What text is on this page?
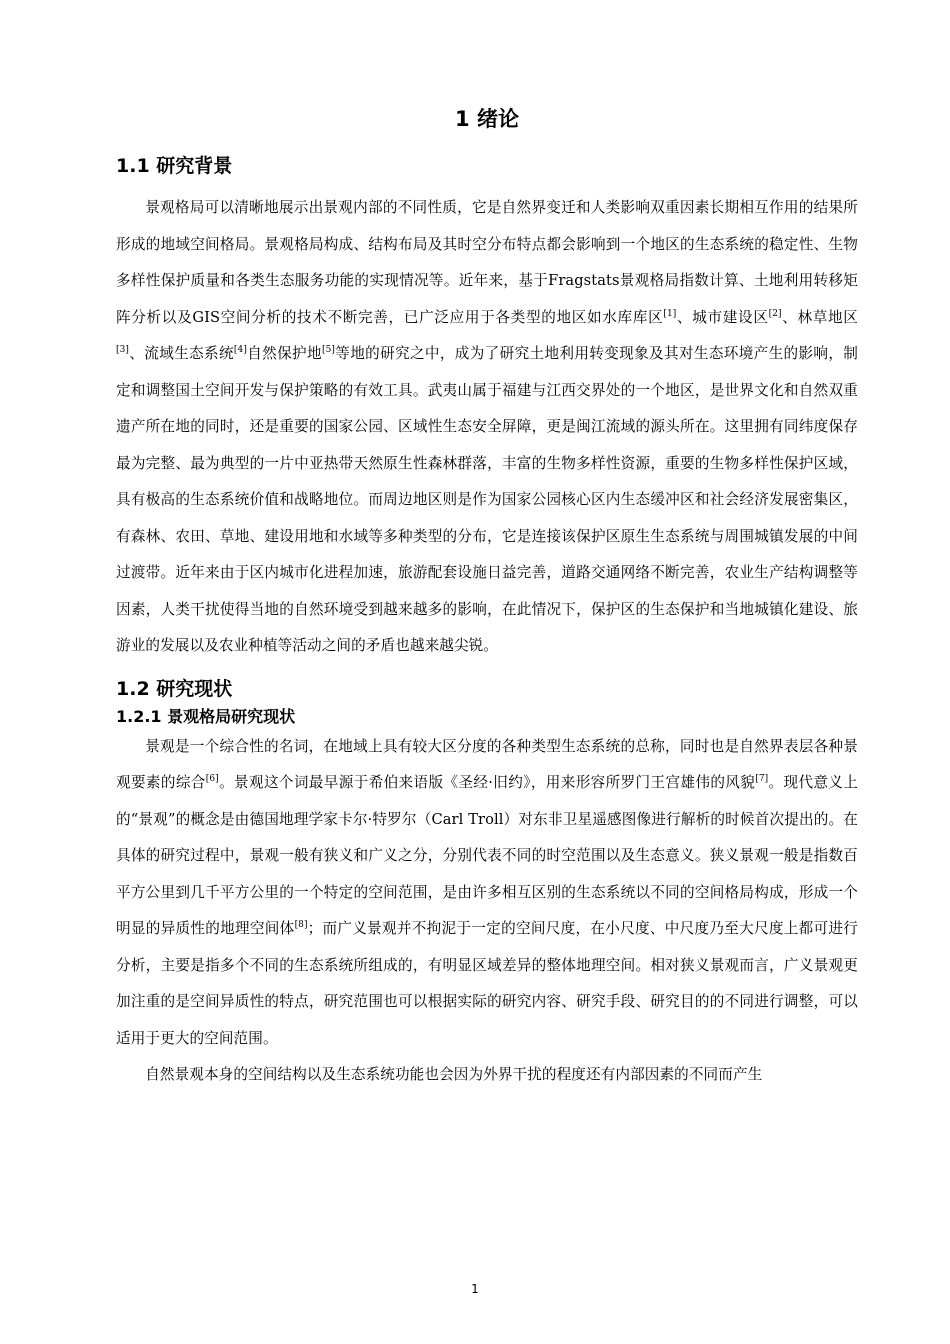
1 绪论
1.1 研究背景

景观格局可以清晰地展示出景观内部的不同性质，它是自然界变迁和人类影响双重因素长期相互作用的结果所形成的地域空间格局。景观格局构成、结构布局及其时空分布特点都会影响到一个地区的生态系统的稳定性、生物多样性保护质量和各类生态服务功能的实现情况等。近年来，基于Fragstats景观格局指数计算、土地利用转移矩阵分析以及GIS空间分析的技术不断完善，已广泛应用于各类型的地区如水库库区[1]、城市建设区[2]、林草地区[3]、流域生态系统[4]自然保护地[5]等地的研究之中，成为了研究土地利用转变现象及其对生态环境产生的影响，制定和调整国土空间开发与保护策略的有效工具。武夷山属于福建与江西交界处的一个地区，是世界文化和自然双重遗产所在地的同时，还是重要的国家公园、区域性生态安全屏障，更是闽江流域的源头所在。这里拥有同纬度保存最为完整、最为典型的一片中亚热带天然原生性森林群落，丰富的生物多样性资源，重要的生物多样性保护区域，具有极高的生态系统价值和战略地位。而周边地区则是作为国家公园核心区内生态缓冲区和社会经济发展密集区，有森林、农田、草地、建设用地和水域等多种类型的分布，它是连接该保护区原生生态系统与周围城镇发展的中间过渡带。近年来由于区内城市化进程加速，旅游配套设施日益完善，道路交通网络不断完善，农业生产结构调整等因素，人类干扰使得当地的自然环境受到越来越多的影响，在此情况下，保护区的生态保护和当地城镇化建设、旅游业的发展以及农业种植等活动之间的矛盾也越来越尖锐。

1.2 研究现状
1.2.1 景观格局研究现状

景观是一个综合性的名词，在地域上具有较大区分度的各种类型生态系统的总称，同时也是自然界表层各种景观要素的综合[6]。景观这个词最早源于希伯来语版《圣经·旧约》，用来形容所罗门王宫雄伟的风貌[7]。现代意义上的“景观”的概念是由德国地理学家卡尔·特罗尔（Carl Troll）对东非卫星遥感图像进行解析的时候首次提出的。在具体的研究过程中，景观一般有狭义和广义之分，分别代表不同的时空范围以及生态意义。狭义景观一般是指数百平方公里到几千平方公里的一个特定的空间范围，是由许多相互区别的生态系统以不同的空间格局构成，形成一个明显的异质性的地理空间体[8]；而广义景观并不拘泥于一定的空间尺度，在小尺度、中尺度乃至大尺度上都可进行分析，主要是指多个不同的生态系统所组成的，有明显区域差异的整体地理空间。相对狭义景观而言，广义景观更加注重的是空间异质性的特点，研究范围也可以根据实际的研究内容、研究手段、研究目的的不同进行调整，可以适用于更大的空间范围。

自然景观本身的空间结构以及生态系统功能也会因为外界干扰的程度还有内部因素的不同而产生

1
